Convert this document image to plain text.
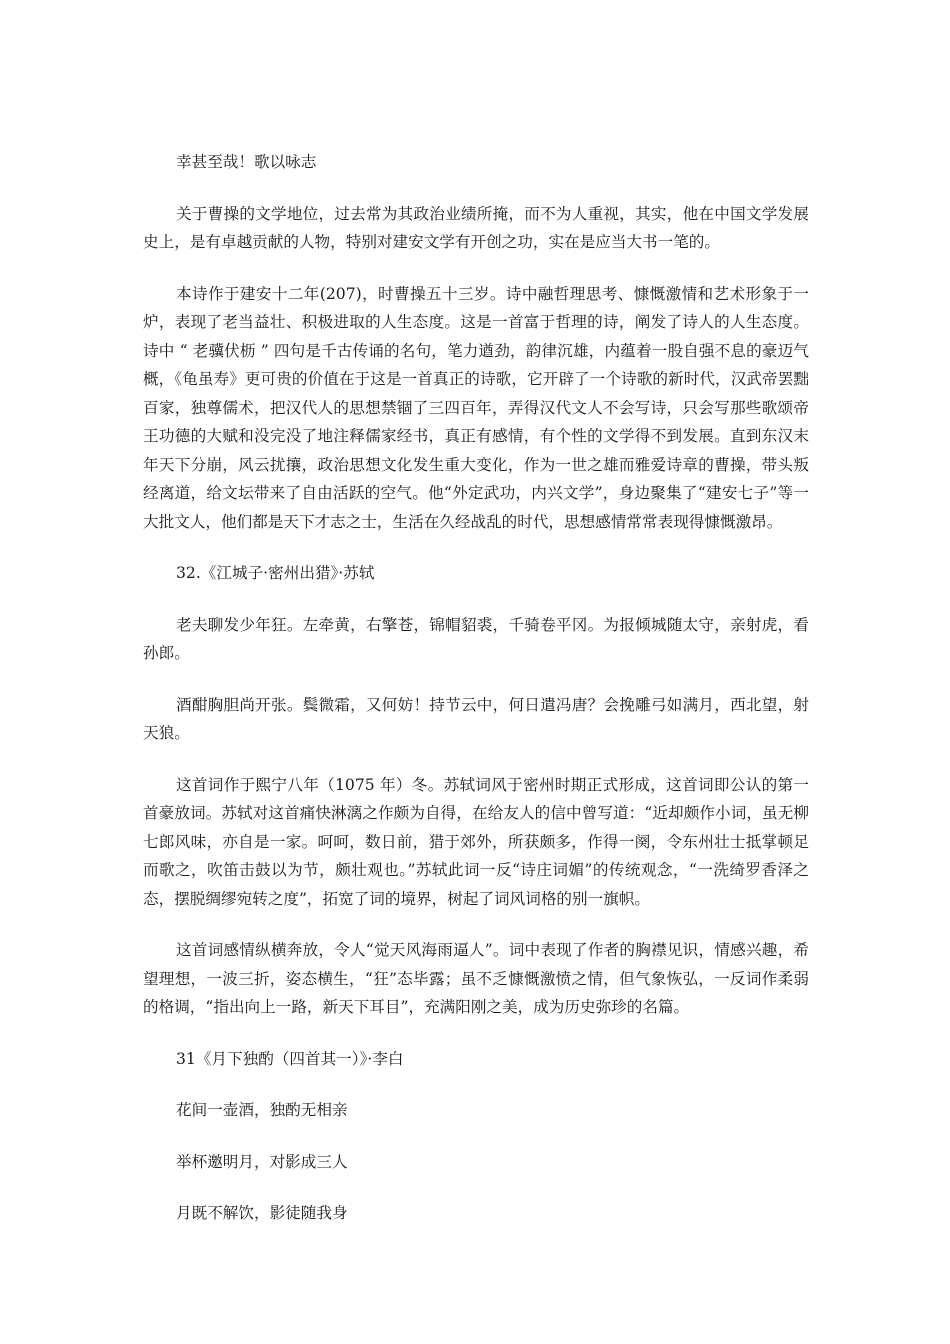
幸甚至哉！歌以咏志

关于曹操的文学地位，过去常为其政治业绩所掩，而不为人重视，其实，他在中国文学发展史上，是有卓越贡献的人物，特别对建安文学有开创之功，实在是应当大书一笔的。

本诗作于建安十二年(207)，时曹操五十三岁。诗中融哲理思考、慷慨激情和艺术形象于一炉，表现了老当益壮、积极进取的人生态度。这是一首富于哲理的诗，阐发了诗人的人生态度。诗中 “ 老骥伏枥 ” 四句是千古传诵的名句，笔力遒劲，韵律沉雄，内蕴着一股自强不息的豪迈气概，《龟虽寿》更可贵的价值在于这是一首真正的诗歌，它开辟了一个诗歌的新时代，汉武帝罢黜百家，独尊儒术，把汉代人的思想禁锢了三四百年，弄得汉代文人不会写诗，只会写那些歌颂帝王功德的大赋和没完没了地注释儒家经书，真正有感情，有个性的文学得不到发展。直到东汉末年天下分崩，风云扰攘，政治思想文化发生重大变化，作为一世之雄而雅爱诗章的曹操，带头叛经离道，给文坛带来了自由活跃的空气。他“外定武功，内兴文学”，身边聚集了“建安七子”等一大批文人，他们都是天下才志之士，生活在久经战乱的时代，思想感情常常表现得慷慨激昂。

32.《江城子·密州出猎》·苏轼

老夫聊发少年狂。左牵黄，右擎苍，锦帽貂裘，千骑卷平冈。为报倾城随太守，亲射虎，看孙郎。

酒酣胸胆尚开张。鬓微霜，又何妨！持节云中，何日遣冯唐？会挽雕弓如满月，西北望，射天狼。

这首词作于熙宁八年（1075 年）冬。苏轼词风于密州时期正式形成，这首词即公认的第一首豪放词。苏轼对这首痛快淋漓之作颇为自得，在给友人的信中曾写道：“近却颇作小词，虽无柳七郎风味，亦自是一家。呵呵，数日前，猎于郊外，所获颇多，作得一阕，令东州壮士抵掌顿足而歌之，吹笛击鼓以为节，颇壮观也。”苏轼此词一反“诗庄词媚”的传统观念，“一洗绮罗香泽之态，摆脱绸缪宛转之度”，拓宽了词的境界，树起了词风词格的别一旗帜。

这首词感情纵横奔放，令人“觉天风海雨逼人”。词中表现了作者的胸襟见识，情感兴趣，希望理想，一波三折，姿态横生，“狂”态毕露；虽不乏慷慨激愤之情，但气象恢弘，一反词作柔弱的格调，“指出向上一路，新天下耳目”，充满阳刚之美，成为历史弥珍的名篇。

31《月下独酌（四首其一）》·李白

花间一壶酒，独酌无相亲

举杯邀明月，对影成三人

月既不解饮，影徒随我身
